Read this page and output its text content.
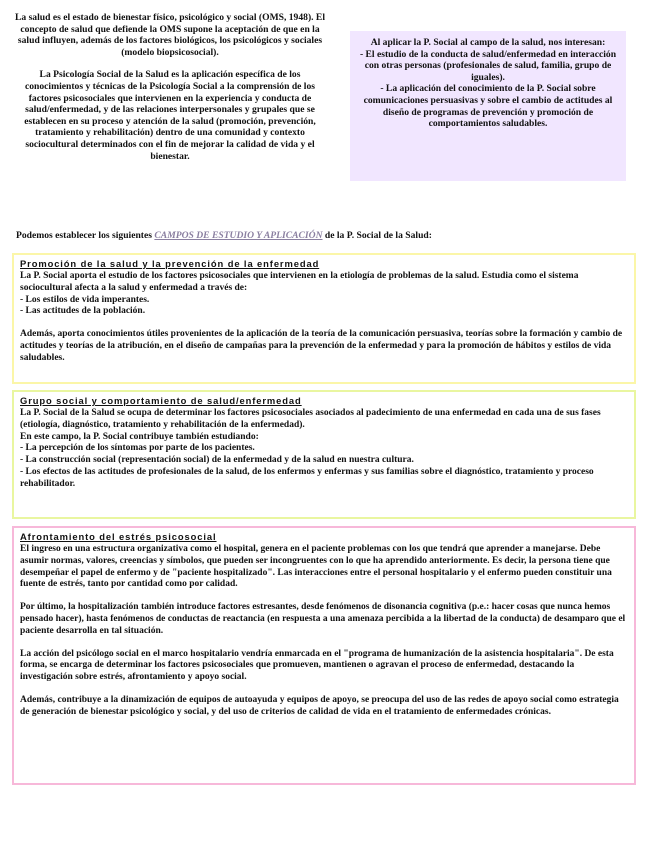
La salud es el estado de bienestar físico, psicológico y social (OMS, 1948). El concepto de salud que defiende la OMS supone la aceptación de que en la salud influyen, además de los factores biológicos, los psicológicos y sociales (modelo biopsicosocial).

La Psicología Social de la Salud es la aplicación específica de los conocimientos y técnicas de la Psicología Social a la comprensión de los factores psicosociales que intervienen en la experiencia y conducta de salud/enfermedad, y de las relaciones interpersonales y grupales que se establecen en su proceso y atención de la salud (promoción, prevención, tratamiento y rehabilitación) dentro de una comunidad y contexto sociocultural determinados con el fin de mejorar la calidad de vida y el bienestar.

Al aplicar la P. Social al campo de la salud, nos interesan:

- El estudio de la conducta de salud/enfermedad en interacción con otras personas (profesionales de salud, familia, grupo de iguales).

- La aplicación del conocimiento de la P. Social sobre comunicaciones persuasivas y sobre el cambio de actitudes al diseño de programas de prevención y promoción de comportamientos saludables.

Podemos establecer los siguientes CAMPOS DE ESTUDIO Y APLICACIÓN de la P. Social de la Salud:

Promoción de la salud y la prevención de la enfermedad

La P. Social aporta el estudio de los factores psicosociales que intervienen en la etiología de problemas de la salud. Estudia como el sistema sociocultural afecta a la salud y enfermedad a través de:

- Los estilos de vida imperantes.

- Las actitudes de la población.

Además, aporta conocimientos útiles provenientes de la aplicación de la teoría de la comunicación persuasiva, teorías sobre la formación y cambio de actitudes y teorías de la atribución, en el diseño de campañas para la prevención de la enfermedad y para la promoción de hábitos y estilos de vida saludables.

Grupo social y comportamiento de salud/enfermedad

La P. Social de la Salud se ocupa de determinar los factores psicosociales asociados al padecimiento de una enfermedad en cada una de sus fases (etiología, diagnóstico, tratamiento y rehabilitación de la enfermedad).

En este campo, la P. Social contribuye también estudiando:

- La percepción de los síntomas por parte de los pacientes.

- La construcción social (representación social) de la enfermedad y de la salud en nuestra cultura.

- Los efectos de las actitudes de profesionales de la salud, de los enfermos y enfermas y sus familias sobre el diagnóstico, tratamiento y proceso rehabilitador.

Afrontamiento del estrés psicosocial

El ingreso en una estructura organizativa como el hospital, genera en el paciente problemas con los que tendrá que aprender a manejarse. Debe asumir normas, valores, creencias y símbolos, que pueden ser incongruentes con lo que ha aprendido anteriormente. Es decir, la persona tiene que desempeñar el papel de enfermo y de "paciente hospitalizado". Las interacciones entre el personal hospitalario y el enfermo pueden constituir una fuente de estrés, tanto por cantidad como por calidad.

Por último, la hospitalización también introduce factores estresantes, desde fenómenos de disonancia cognitiva (p.e.: hacer cosas que nunca hemos pensado hacer), hasta fenómenos de conductas de reactancia (en respuesta a una amenaza percibida a la libertad de la conducta) de desamparo que el paciente desarrolla en tal situación.

La acción del psicólogo social en el marco hospitalario vendría enmarcada en el "programa de humanización de la asistencia hospitalaria". De esta forma, se encarga de determinar los factores psicosociales que promueven, mantienen o agravan el proceso de enfermedad, destacando la investigación sobre estrés, afrontamiento y apoyo social.

Además, contribuye a la dinamización de equipos de autoayuda y equipos de apoyo, se preocupa del uso de las redes de apoyo social como estrategia de generación de bienestar psicológico y social, y del uso de criterios de calidad de vida en el tratamiento de enfermedades crónicas.
